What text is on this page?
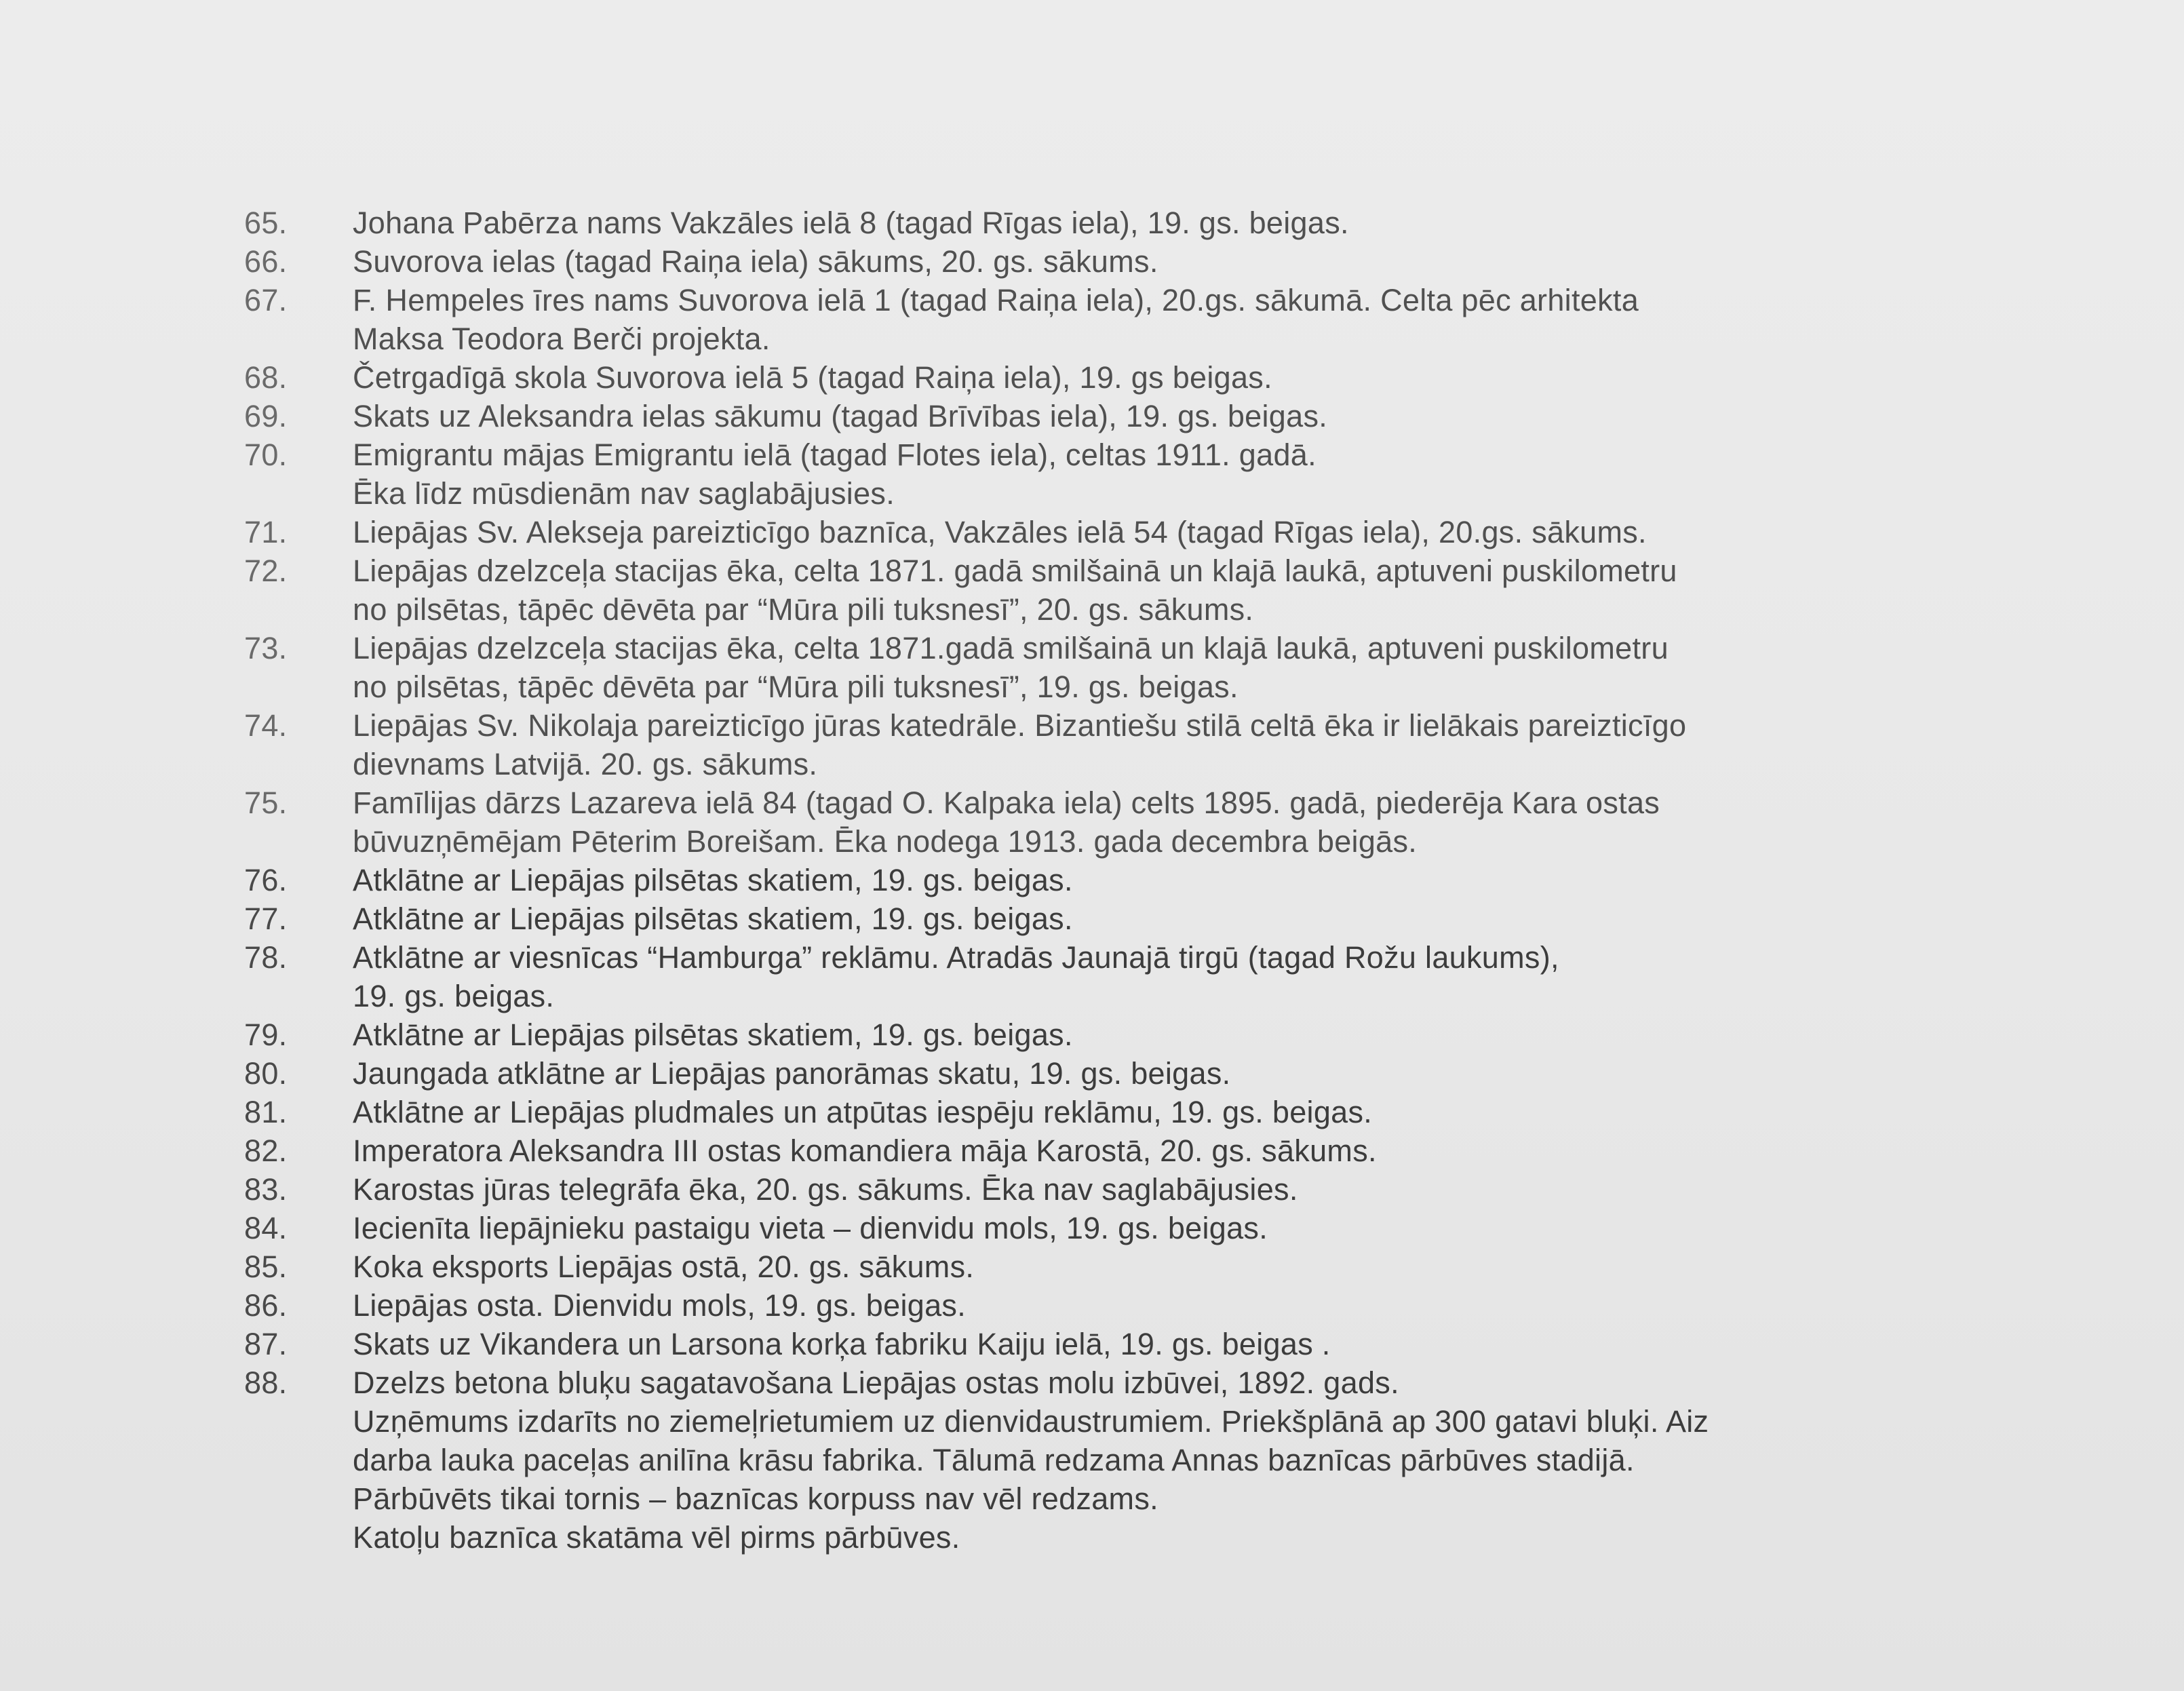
65.	Johana Pabērza nams Vakzāles ielā 8 (tagad Rīgas iela), 19. gs. beigas.
66.	Suvorova ielas (tagad Raiņa iela) sākums, 20. gs. sākums.
67.	F. Hempeles īres nams Suvorova ielā 1 (tagad Raiņa iela), 20.gs. sākumā. Celta pēc arhitekta
Maksa Teodora Berči projekta.
68.	Četrgadīgā skola Suvorova ielā 5 (tagad Raiņa iela), 19. gs beigas.
69.	Skats uz Aleksandra ielas sākumu (tagad Brīvības iela), 19. gs. beigas.
70.	Emigrantu mājas Emigrantu ielā (tagad Flotes iela), celtas 1911. gadā.
Ēka līdz mūsdienām nav saglabājusies.
71.	Liepājas Sv. Alekseja pareizticīgo baznīca, Vakzāles ielā 54 (tagad Rīgas iela), 20.gs. sākums.
72.	Liepājas dzelzceļa stacijas ēka, celta 1871. gadā smilšainā un klajā laukā, aptuveni puskilometru
no pilsētas, tāpēc dēvēta par “Mūra pili tuksnesī”, 20. gs. sākums.
73.	Liepājas dzelzceļa stacijas ēka, celta 1871.gadā smilšainā un klajā laukā, aptuveni puskilometru
no pilsētas, tāpēc dēvēta par “Mūra pili tuksnesī”, 19. gs. beigas.
74.	Liepājas Sv. Nikolaja pareizticīgo jūras katedrāle. Bizantiešu stilā celtā ēka ir lielākais pareizticīgo
dievnams Latvijā. 20. gs. sākums.
75.	Famīlijas dārzs Lazareva ielā 84 (tagad O. Kalpaka iela) celts 1895. gadā, piederēja Kara ostas
būvuzņēmējam Pēterim Boreišam. Ēka nodega 1913. gada decembra beigās.
76.	Atklātne ar Liepājas pilsētas skatiem, 19. gs. beigas.
77.	Atklātne ar Liepājas pilsētas skatiem, 19. gs. beigas.
78.	Atklātne ar viesnīcas “Hamburga” reklāmu. Atradās Jaunajā tirgū (tagad Rožu laukums),
19. gs. beigas.
79.	Atklātne ar Liepājas pilsētas skatiem, 19. gs. beigas.
80.	Jaungada atklātne ar Liepājas panorāmas skatu, 19. gs. beigas.
81.	Atklātne ar Liepājas pludmales un atpūtas iespēju reklāmu, 19. gs. beigas.
82.	Imperatora Aleksandra III ostas komandiera māja Karostā, 20. gs. sākums.
83.	Karostas jūras telegrāfa ēka, 20. gs. sākums. Ēka nav saglabājusies.
84.	Iecienīta liepājnieku pastaigu vieta – dienvidu mols, 19. gs. beigas.
85.	Koka eksports Liepājas ostā, 20. gs. sākums.
86.	Liepājas osta. Dienvidu mols, 19. gs. beigas.
87.	Skats uz Vikandera un Larsona korķa fabriku Kaiju ielā, 19. gs. beigas .
88.	Dzelzs betona bluķu sagatavošana Liepājas ostas molu izbūvei, 1892. gads.
Uzņēmums izdarīts no ziemeļrietumiem uz dienvidaustrumiem. Priekšplānā ap 300 gatavi bluķi. Aiz
darba lauka paceļas anilīna krāsu fabrika. Tālumā redzama Annas baznīcas pārbūves stadijā.
Pārbūvēts tikai tornis – baznīcas korpuss nav vēl redzams.
Katoļu baznīca skatāma vēl pirms pārbūves.
